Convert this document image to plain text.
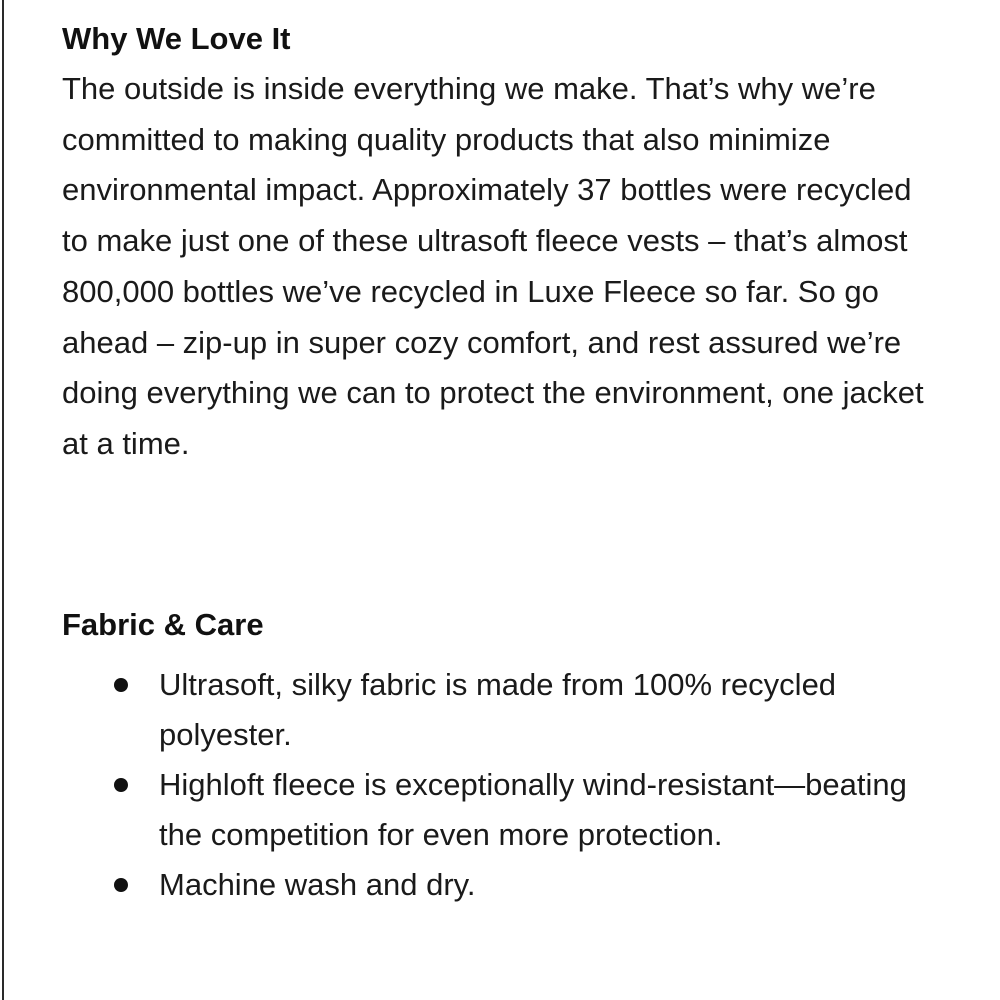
Why We Love It

The outside is inside everything we make. That’s why we’re committed to making quality products that also minimize environmental impact. Approximately 37 bottles were recycled to make just one of these ultrasoft fleece vests – that’s almost 800,000 bottles we’ve recycled in Luxe Fleece so far. So go ahead – zip-up in super cozy comfort, and rest assured we’re doing everything we can to protect the environment, one jacket at a time.

Fabric & Care
Ultrasoft, silky fabric is made from 100% recycled polyester.
Highloft fleece is exceptionally wind-resistant—beating the competition for even more protection.
Machine wash and dry.
